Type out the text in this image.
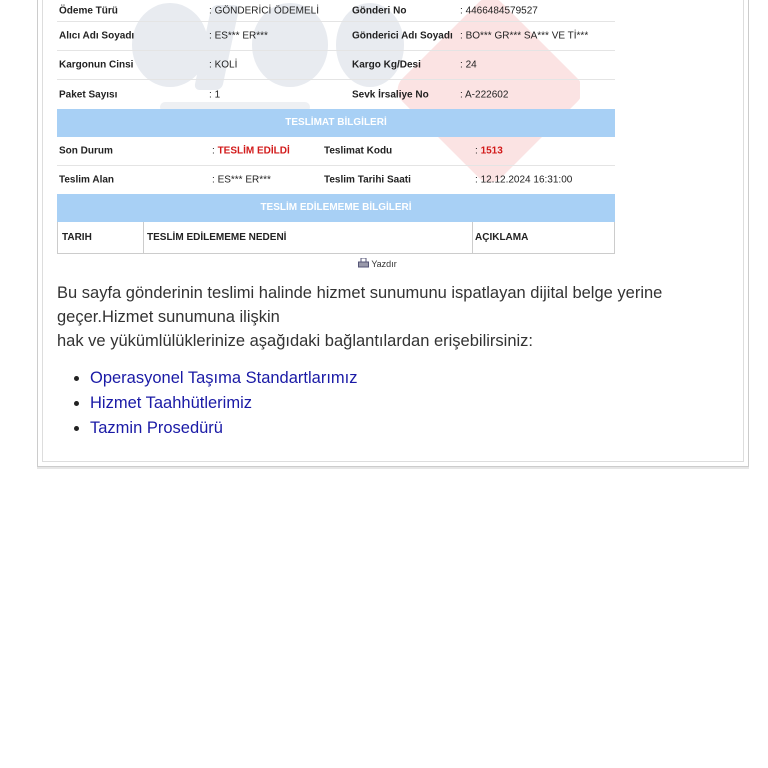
Ödeme Türü	: GÖNDERİCİ ÖDEMELİ	Gönderi No	: 4466484579527
Alıcı Adı Soyadı	: ES*** ER***	Gönderici Adı Soyadı : BO*** GR*** SA*** VE Tİ***
Kargonun Cinsi	: KOLİ	Kargo Kg/Desi	: 24
Paket Sayısı	: 1	Sevk İrsaliye No	: A-222602
TESLİMAT BİLGİLERİ
Son Durum	: TESLİM EDİLDİ	Teslimat Kodu	: 1513
Teslim Alan	: ES*** ER***	Teslim Tarihi Saati	: 12.12.2024 16:31:00
TESLİM EDİLEMEME BİLGİLERİ
TARIH	TESLİM EDİLEMEME NEDENİ	AÇIKLAMA
Yazdır
Bu sayfa gönderinin teslimi halinde hizmet sunumunu ispatlayan dijital belge yerine geçer.Hizmet sunumuna ilişkin
hak ve yükümlülüklerinize aşağıdaki bağlantılardan erişebilirsiniz:
• Operasyonel Taşıma Standartlarımız
• Hizmet Taahhütlerimiz
• Tazmin Prosedürü
